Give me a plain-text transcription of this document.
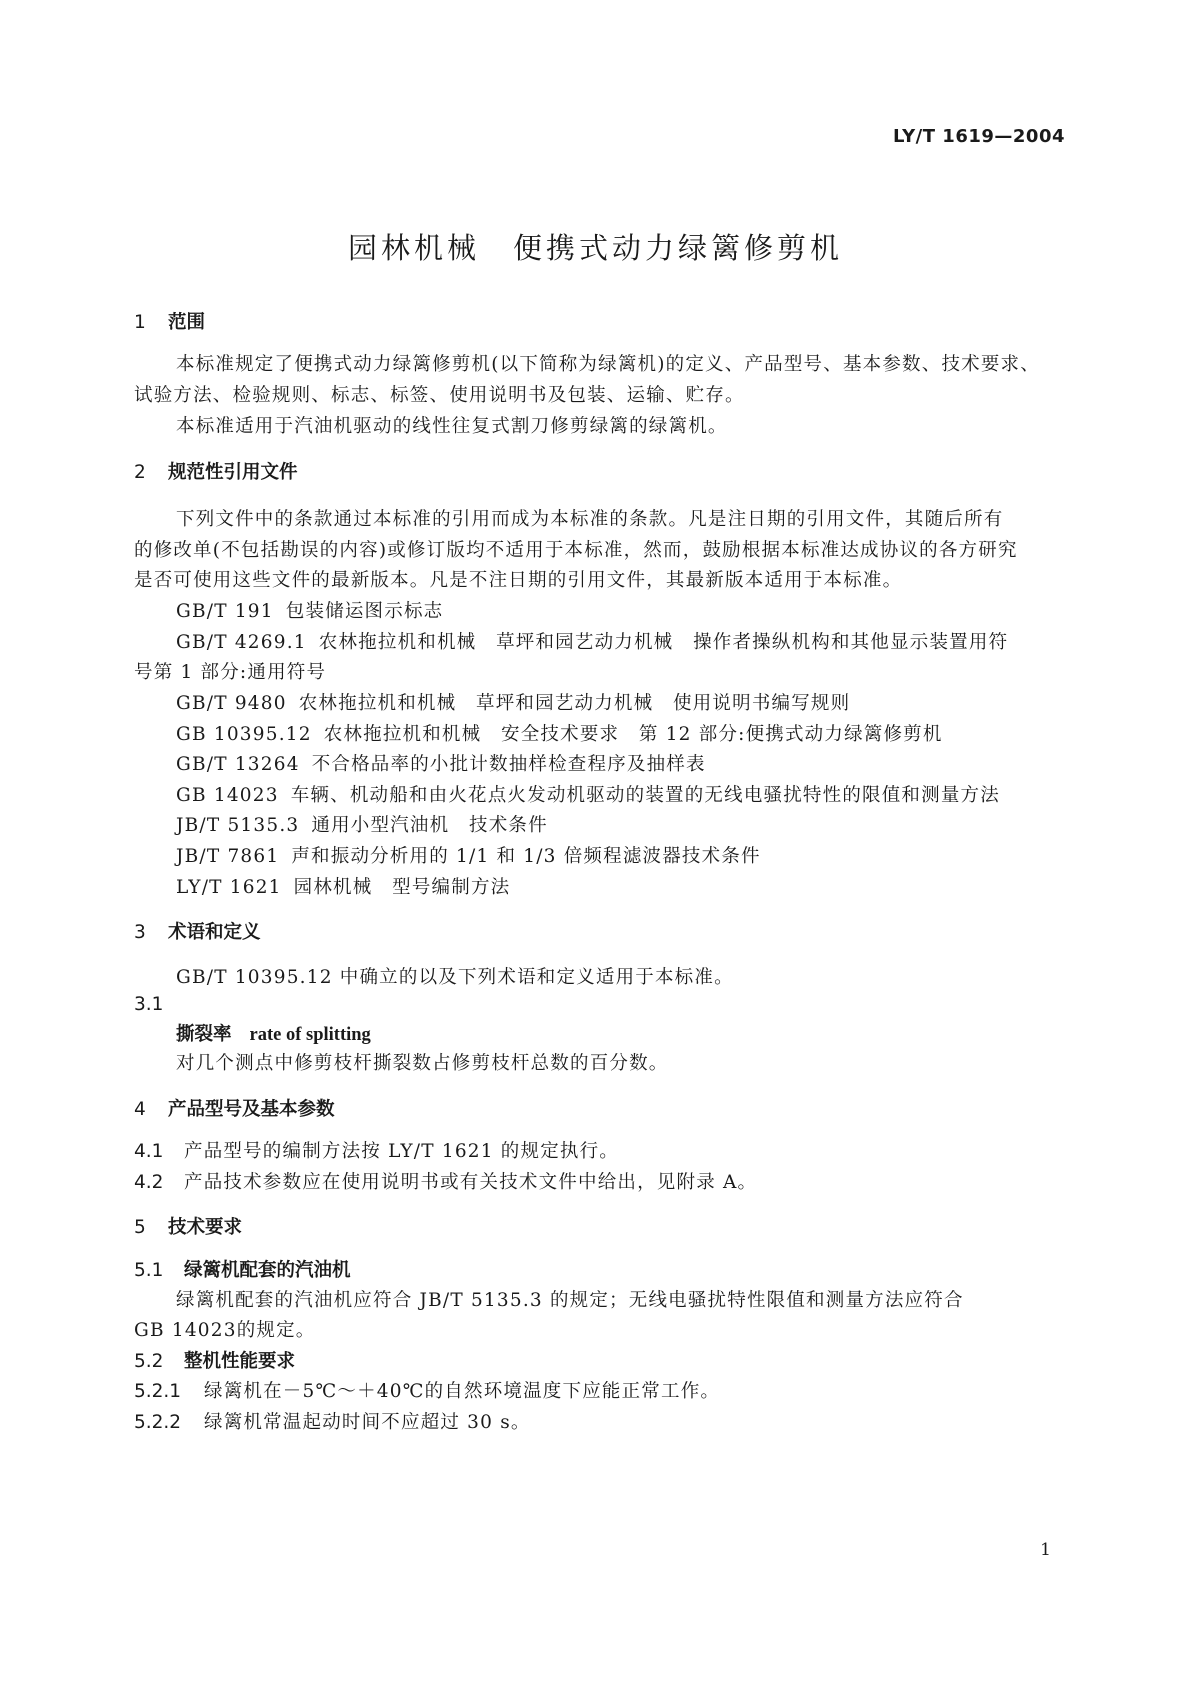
LY/T 1619—2004
园林机械　便携式动力绿篱修剪机
1 范围
本标准规定了便携式动力绿篱修剪机(以下简称为绿篱机)的定义、产品型号、基本参数、技术要求、
试验方法、检验规则、标志、标签、使用说明书及包装、运输、贮存。
本标准适用于汽油机驱动的线性往复式割刀修剪绿篱的绿篱机。
2 规范性引用文件
下列文件中的条款通过本标准的引用而成为本标准的条款。凡是注日期的引用文件，其随后所有
的修改单(不包括勘误的内容)或修订版均不适用于本标准，然而，鼓励根据本标准达成协议的各方研究
是否可使用这些文件的最新版本。凡是不注日期的引用文件，其最新版本适用于本标准。
GB/T 191 包装储运图示标志
GB/T 4269.1 农林拖拉机和机械　草坪和园艺动力机械　操作者操纵机构和其他显示装置用符
号第 1 部分:通用符号
GB/T 9480 农林拖拉机和机械　草坪和园艺动力机械　使用说明书编写规则
GB 10395.12 农林拖拉机和机械　安全技术要求　第 12 部分:便携式动力绿篱修剪机
GB/T 13264 不合格品率的小批计数抽样检查程序及抽样表
GB 14023 车辆、机动船和由火花点火发动机驱动的装置的无线电骚扰特性的限值和测量方法
JB/T 5135.3 通用小型汽油机　技术条件
JB/T 7861 声和振动分析用的 1/1 和 1/3 倍频程滤波器技术条件
LY/T 1621 园林机械　型号编制方法
3 术语和定义
GB/T 10395.12 中确立的以及下列术语和定义适用于本标准。
3.1
撕裂率 rate of splitting
对几个测点中修剪枝杆撕裂数占修剪枝杆总数的百分数。
4 产品型号及基本参数
4.1 产品型号的编制方法按 LY/T 1621 的规定执行。
4.2 产品技术参数应在使用说明书或有关技术文件中给出，见附录 A。
5 技术要求
5.1 绿篱机配套的汽油机
绿篱机配套的汽油机应符合 JB/T 5135.3 的规定；无线电骚扰特性限值和测量方法应符合
GB 14023的规定。
5.2 整机性能要求
5.2.1 绿篱机在－5℃～＋40℃的自然环境温度下应能正常工作。
5.2.2 绿篱机常温起动时间不应超过 30 s。
1
